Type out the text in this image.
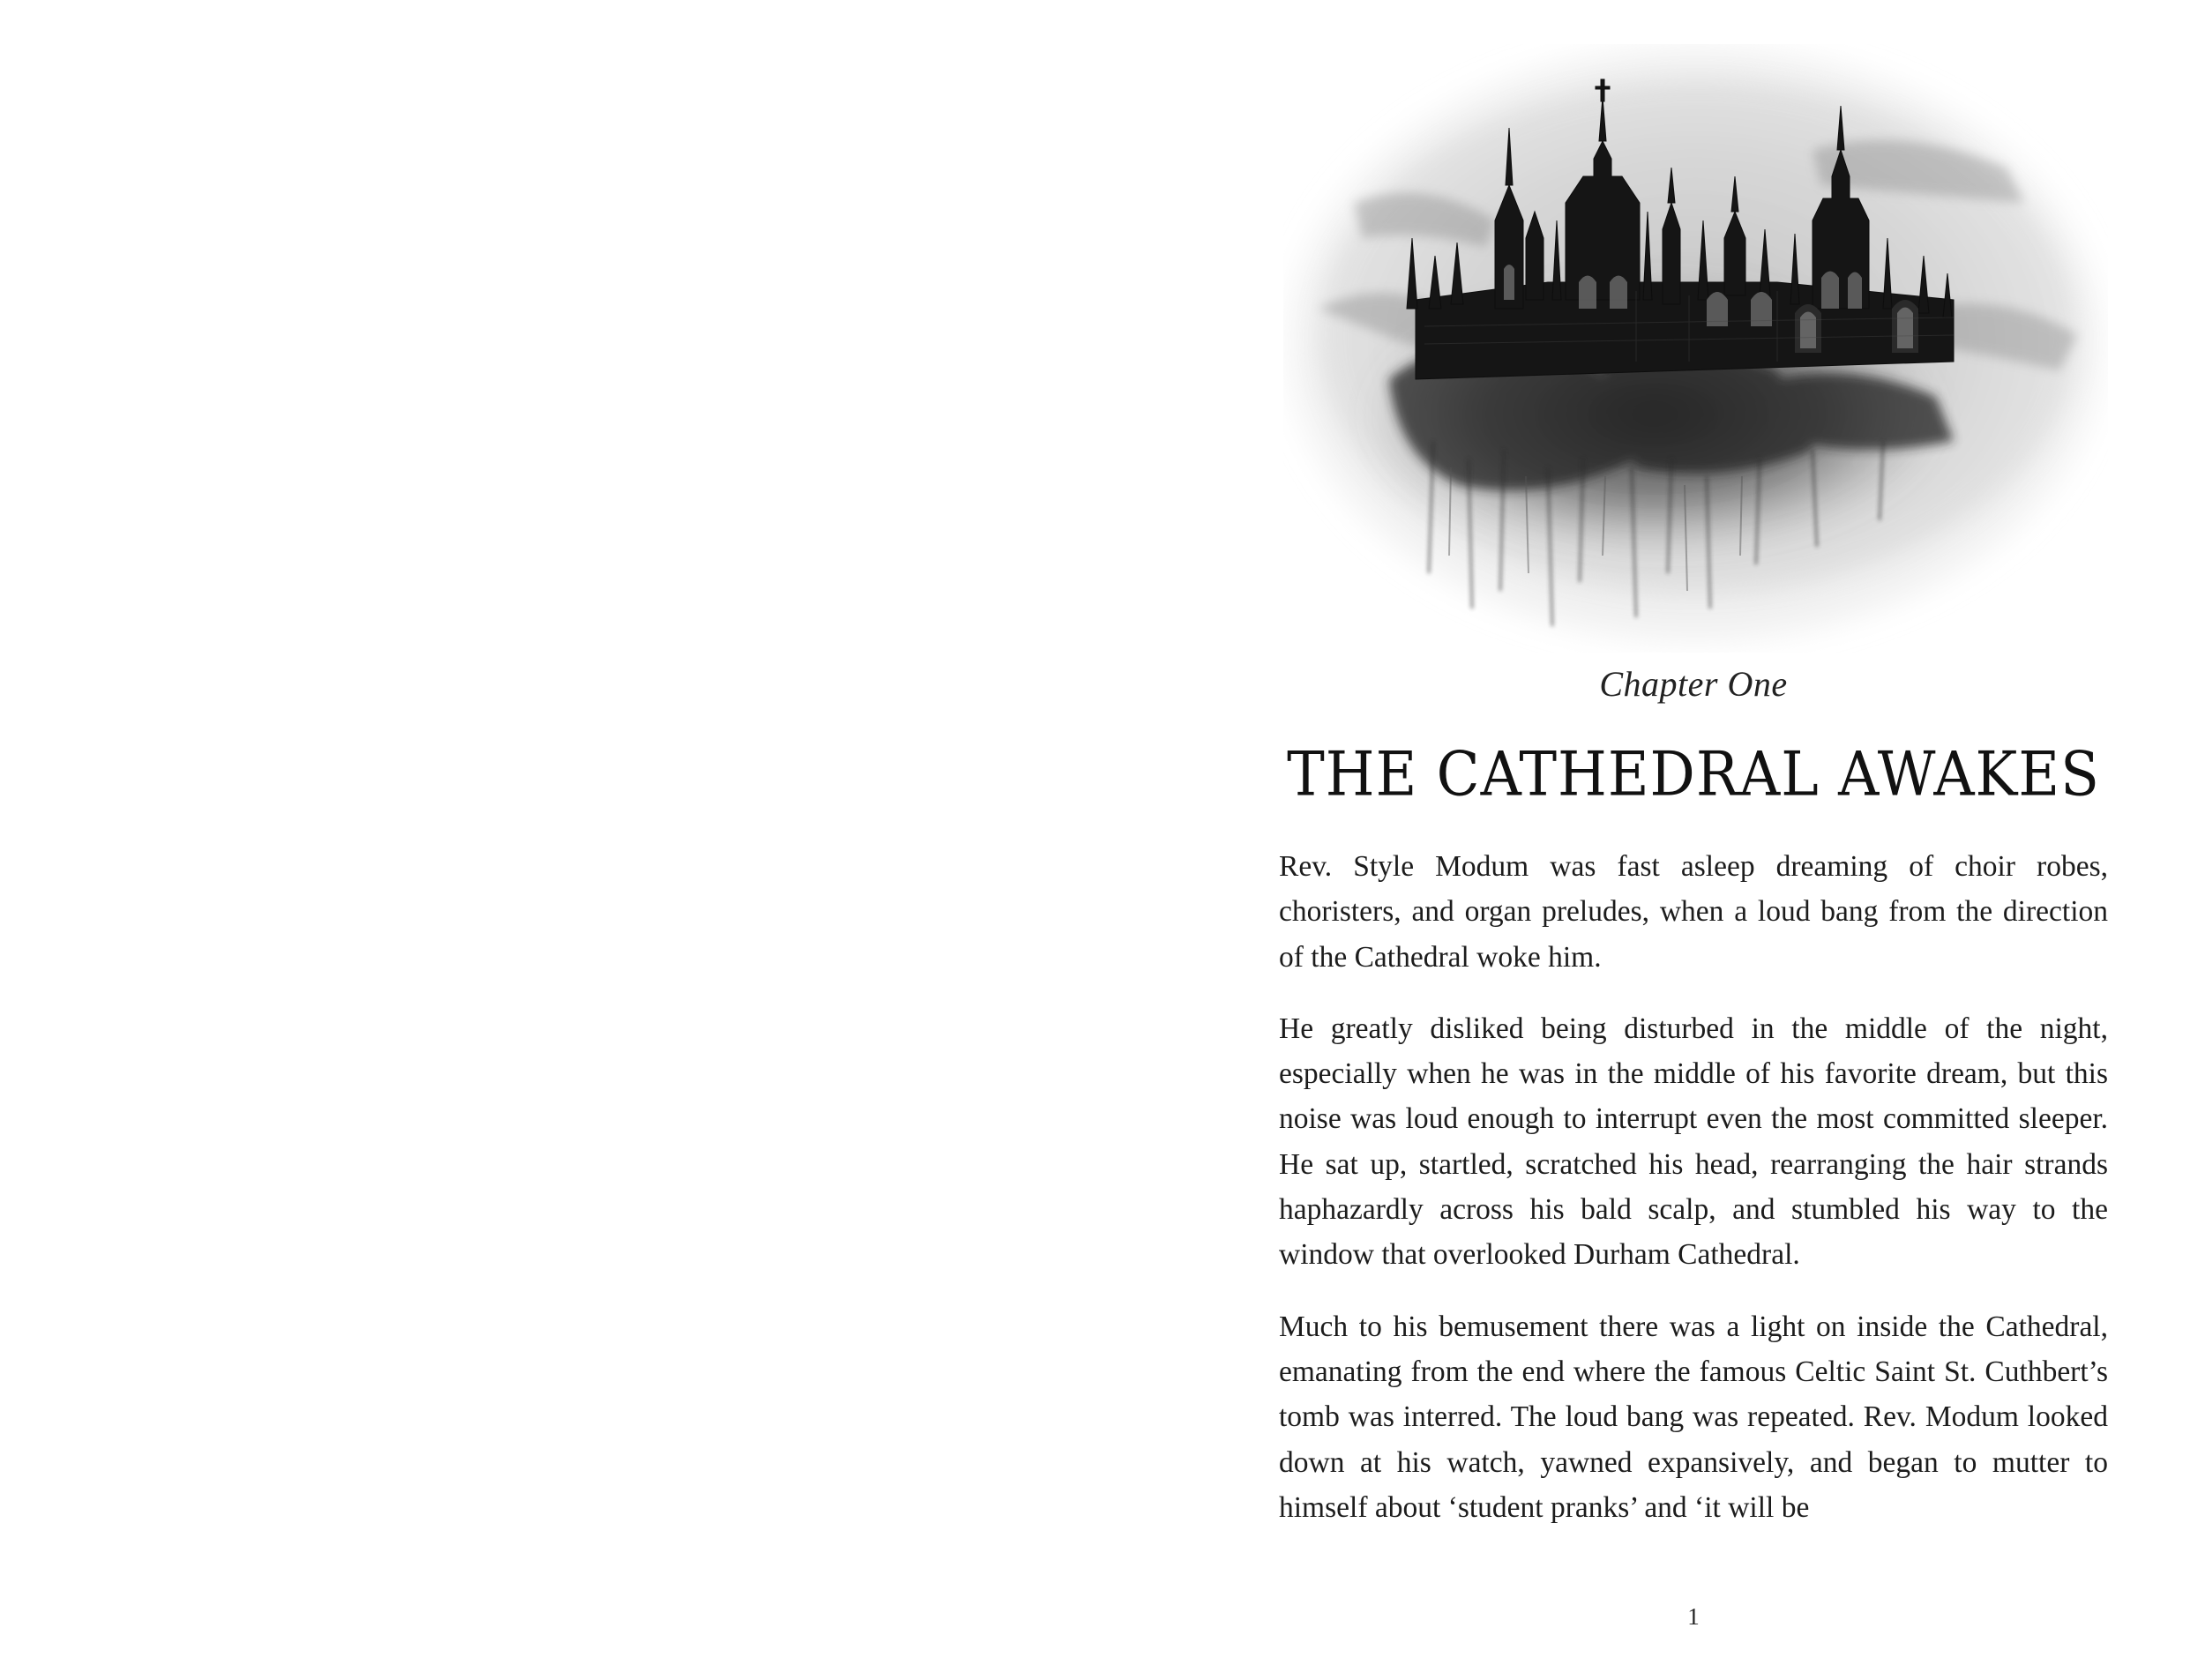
Chapter One
THE CATHEDRAL AWAKES

Rev. Style Modum was fast asleep dreaming of choir robes, choristers, and organ preludes, when a loud bang from the direction of the Cathedral woke him.

He greatly disliked being disturbed in the middle of the night, especially when he was in the middle of his favorite dream, but this noise was loud enough to interrupt even the most committed sleeper. He sat up, startled, scratched his head, rearranging the hair strands haphazardly across his bald scalp, and stumbled his way to the window that overlooked Durham Cathedral.

Much to his bemusement there was a light on inside the Cathedral, emanating from the end where the famous Celtic Saint St. Cuthbert’s tomb was interred. The loud bang was repeated. Rev. Modum looked down at his watch, yawned expansively, and began to mutter to himself about ‘student pranks’ and ‘it will be

1
